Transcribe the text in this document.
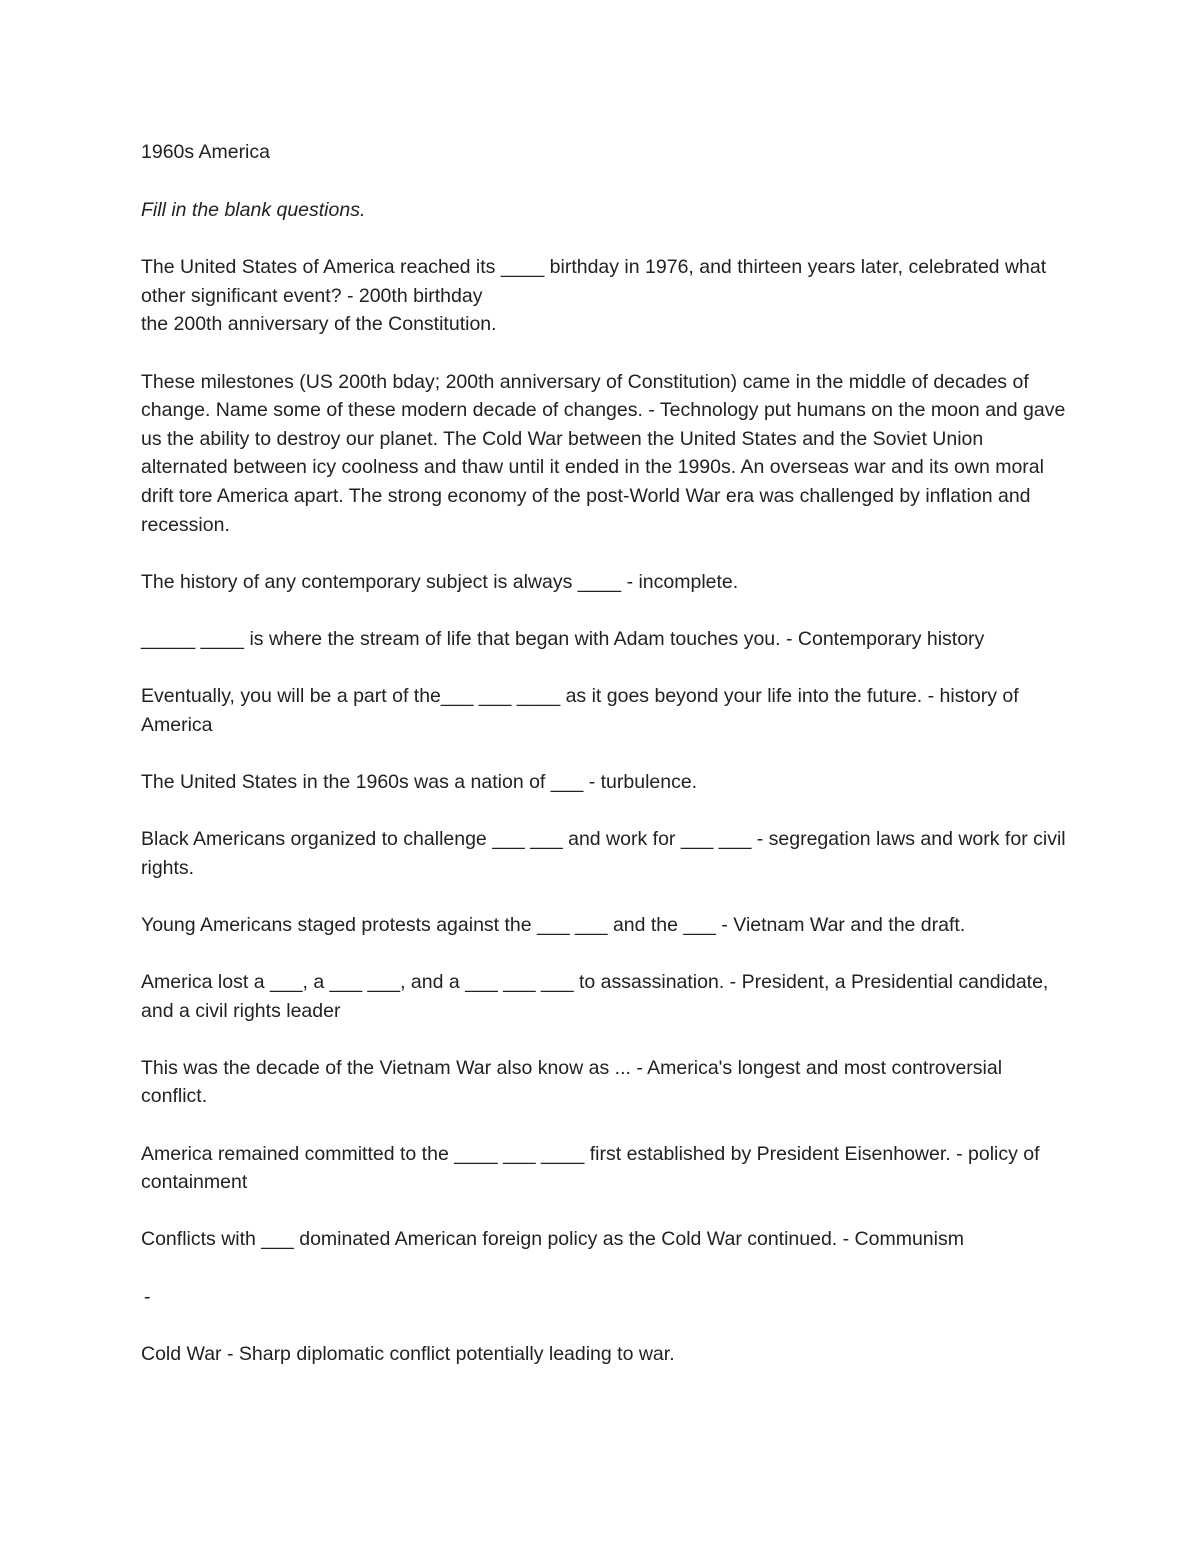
1960s America

Fill in the blank questions.

The United States of America reached its ____ birthday in 1976, and thirteen years later, celebrated what other significant event? - 200th birthday

the 200th anniversary of the Constitution.

These milestones (US 200th bday; 200th anniversary of Constitution) came in the middle of decades of change. Name some of these modern decade of changes. - Technology put humans on the moon and gave us the ability to destroy our planet. The Cold War between the United States and the Soviet Union alternated between icy coolness and thaw until it ended in the 1990s. An overseas war and its own moral drift tore America apart. The strong economy of the post-World War era was challenged by inflation and recession.

The history of any contemporary subject is always ____ - incomplete.

_____ ____ is where the stream of life that began with Adam touches you. - Contemporary history

Eventually, you will be a part of the___ ___ ____ as it goes beyond your life into the future. - history of America

The United States in the 1960s was a nation of ___ - turbulence.

Black Americans organized to challenge ___ ___ and work for ___ ___ - segregation laws and work for civil rights.

Young Americans staged protests against the ___ ___ and the ___ - Vietnam War and the draft.

America lost a ___, a ___ ___, and a ___ ___ ___ to assassination. - President, a Presidential candidate, and a civil rights leader

This was the decade of the Vietnam War also know as ... - America's longest and most controversial conflict.

America remained committed to the ____ ___ ____ first established by President Eisenhower. - policy of containment

Conflicts with ___ dominated American foreign policy as the Cold War continued. - Communism

-

Cold War - Sharp diplomatic conflict potentially leading to war.
